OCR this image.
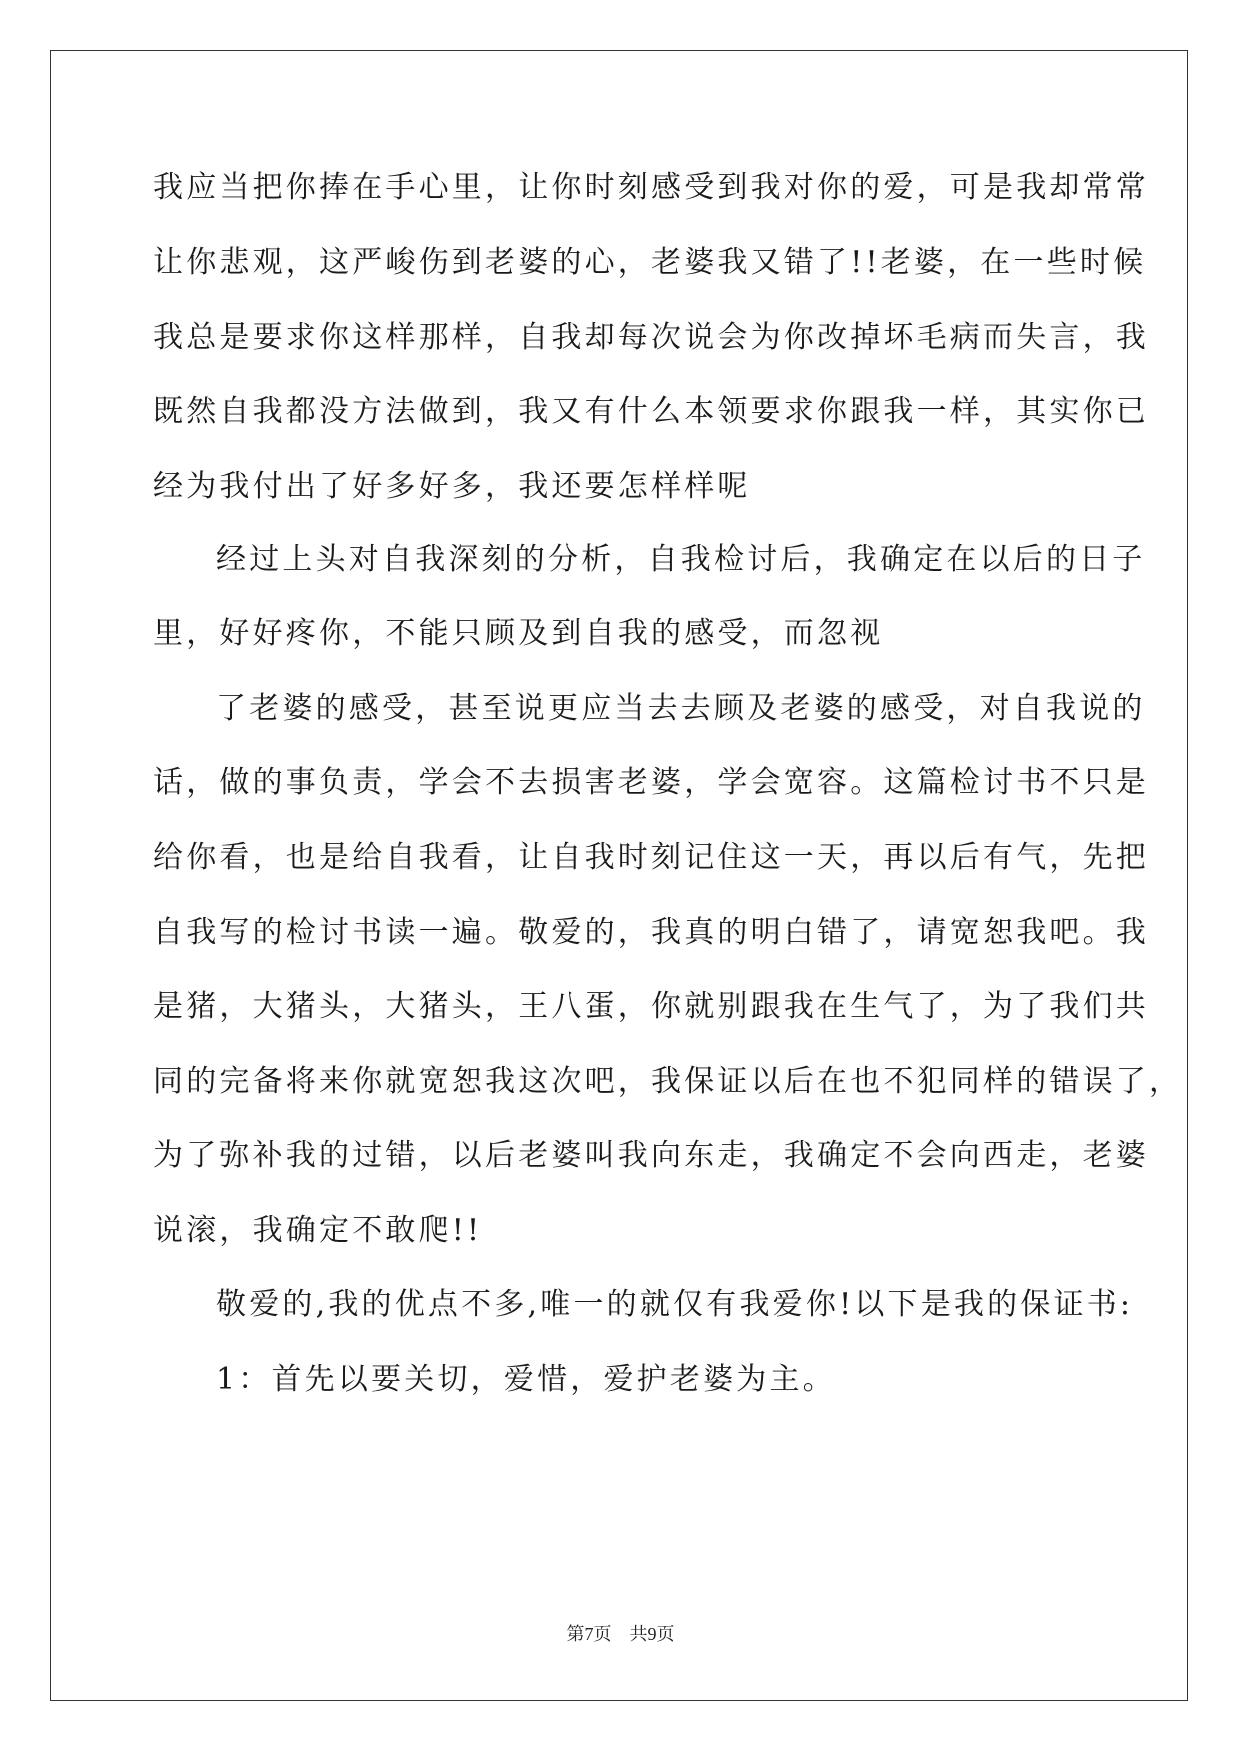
我应当把你捧在手心里，让你时刻感受到我对你的爱，可是我却常常
让你悲观，这严峻伤到老婆的心，老婆我又错了!!老婆，在一些时候
我总是要求你这样那样，自我却每次说会为你改掉坏毛病而失言，我
既然自我都没方法做到，我又有什么本领要求你跟我一样，其实你已
经为我付出了好多好多，我还要怎样样呢
经过上头对自我深刻的分析，自我检讨后，我确定在以后的日子
里，好好疼你，不能只顾及到自我的感受，而忽视
了老婆的感受，甚至说更应当去去顾及老婆的感受，对自我说的
话，做的事负责，学会不去损害老婆，学会宽容。这篇检讨书不只是
给你看，也是给自我看，让自我时刻记住这一天，再以后有气，先把
自我写的检讨书读一遍。敬爱的，我真的明白错了，请宽恕我吧。我
是猪，大猪头，大猪头，王八蛋，你就别跟我在生气了，为了我们共
同的完备将来你就宽恕我这次吧，我保证以后在也不犯同样的错误了，
为了弥补我的过错，以后老婆叫我向东走，我确定不会向西走，老婆
说滚，我确定不敢爬!!
敬爱的,我的优点不多,唯一的就仅有我爱你!以下是我的保证书:
1：首先以要关切，爱惜，爱护老婆为主。
第7页 共9页
